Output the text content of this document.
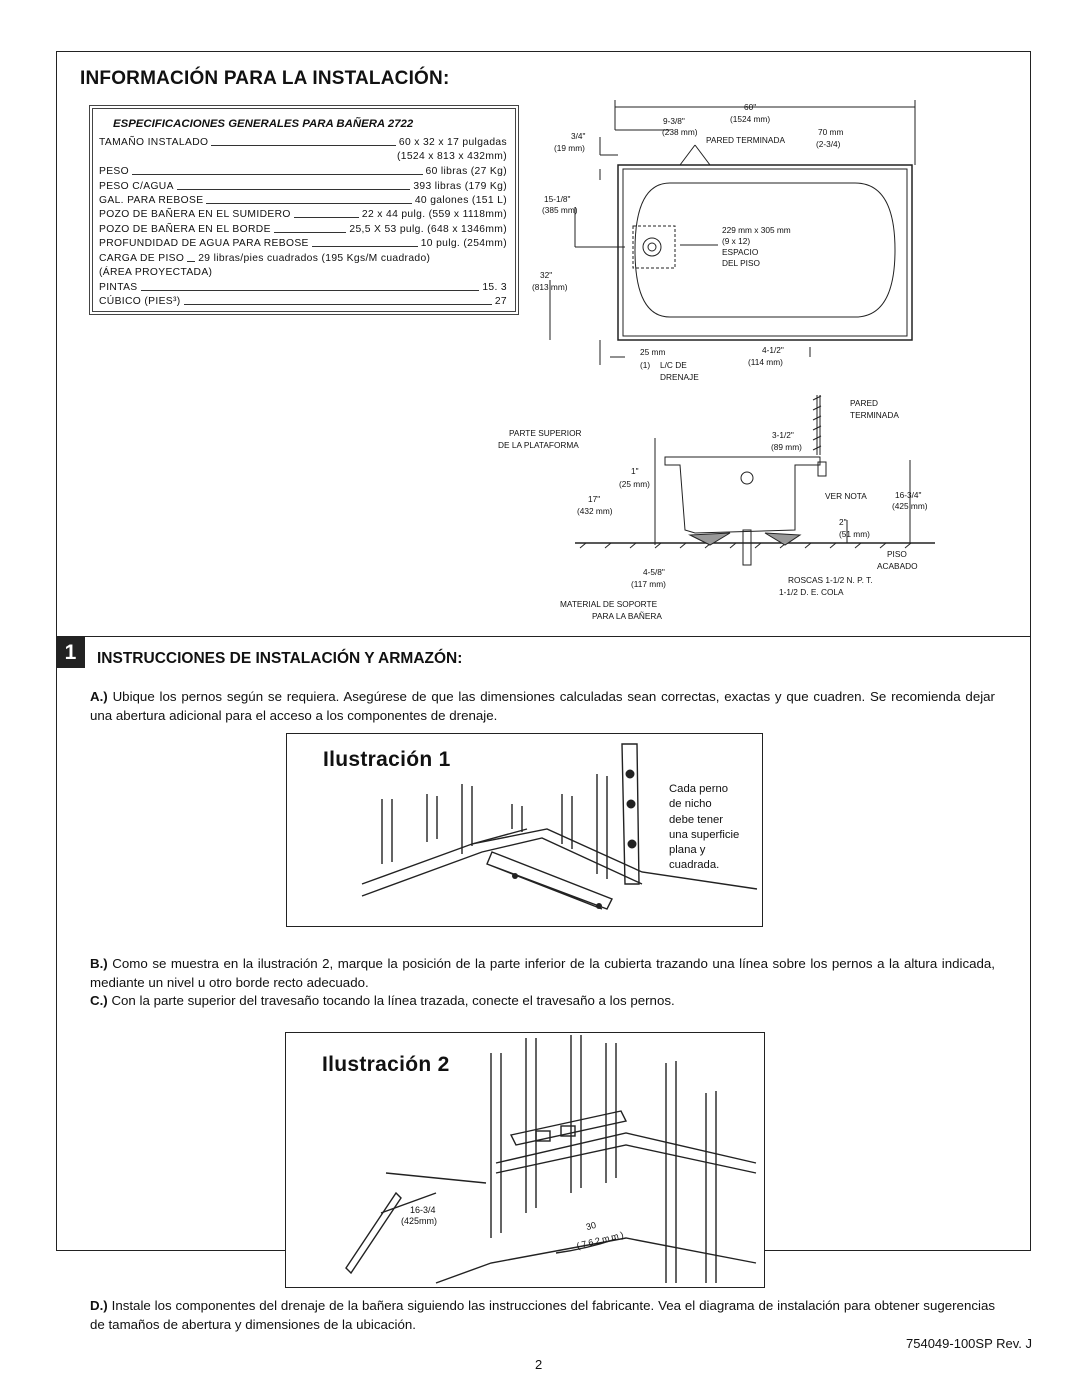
INFORMACIÓN PARA LA INSTALACIÓN:
ESPECIFICACIONES GENERALES PARA BAÑERA 2722
TAMAÑO INSTALADO	60 x 32 x 17 pulgadas
(1524 x 813 x 432mm)
PESO	60 libras (27 Kg)
PESO C/AGUA	393 libras (179 Kg)
GAL. PARA REBOSE	40 galones (151 L)
POZO DE BAÑERA EN EL SUMIDERO	22 x 44 pulg. (559 x 1118mm)
POZO DE BAÑERA EN EL BORDE	25,5 X 53 pulg. (648 x 1346mm)
PROFUNDIDAD DE AGUA PARA REBOSE	10 pulg. (254mm)
CARGA DE PISO 29 libras/pies cuadrados (195 Kgs/M cuadrado)
(ÁREA PROYECTADA)
PINTAS	15. 3
CÚBICO (PIES³)	27
60"
(1524 mm)
9-3/8"
(238 mm)
PARED TERMINADA
70 mm
(2-3/4)
3/4"
(19 mm)
15-1/8"
(385 mm)
229 mm x 305 mm
(9 x 12)
ESPACIO
DEL PISO
32"
(813 mm)
25 mm
(1) L/C DE
DRENAJE
4-1/2"
(114 mm)
PARED
TERMINADA
PARTE SUPERIOR
DE LA PLATAFORMA
3-1/2"
(89 mm)
1"
(25 mm)
17"
(432 mm)
VER NOTA	16-3/4"
(425 mm)
2"
(51 mm)
PISO
ACABADO
4-5/8"
(117 mm)	ROSCAS 1-1/2 N. P. T.
1-1/2 D. E. COLA
MATERIAL DE SOPORTE
PARA LA BAÑERA
1	INSTRUCCIONES DE INSTALACIÓN Y ARMAZÓN:
A.) Ubique los pernos según se requiera. Asegúrese de que las dimensiones calculadas sean correctas, exactas y que cuadren. Se recomienda dejar una abertura adicional para el acceso a los componentes de drenaje.
Ilustración 1
Cada perno
de nicho
debe tener
una superficie
plana y
cuadrada.
B.) Como se muestra en la ilustración 2, marque la posición de la parte inferior de la cubierta trazando una línea sobre los pernos a la altura indicada, mediante un nivel u otro borde recto adecuado.
C.) Con la parte superior del travesaño tocando la línea trazada, conecte el travesaño a los pernos.
Ilustración 2
16-3/4
(425mm)	30
(762mm)
D.) Instale los componentes del drenaje de la bañera siguiendo las instrucciones del fabricante. Vea el diagrama de instalación para obtener sugerencias de tamaños de abertura y dimensiones de la ubicación.
754049-100SP Rev. J
2
